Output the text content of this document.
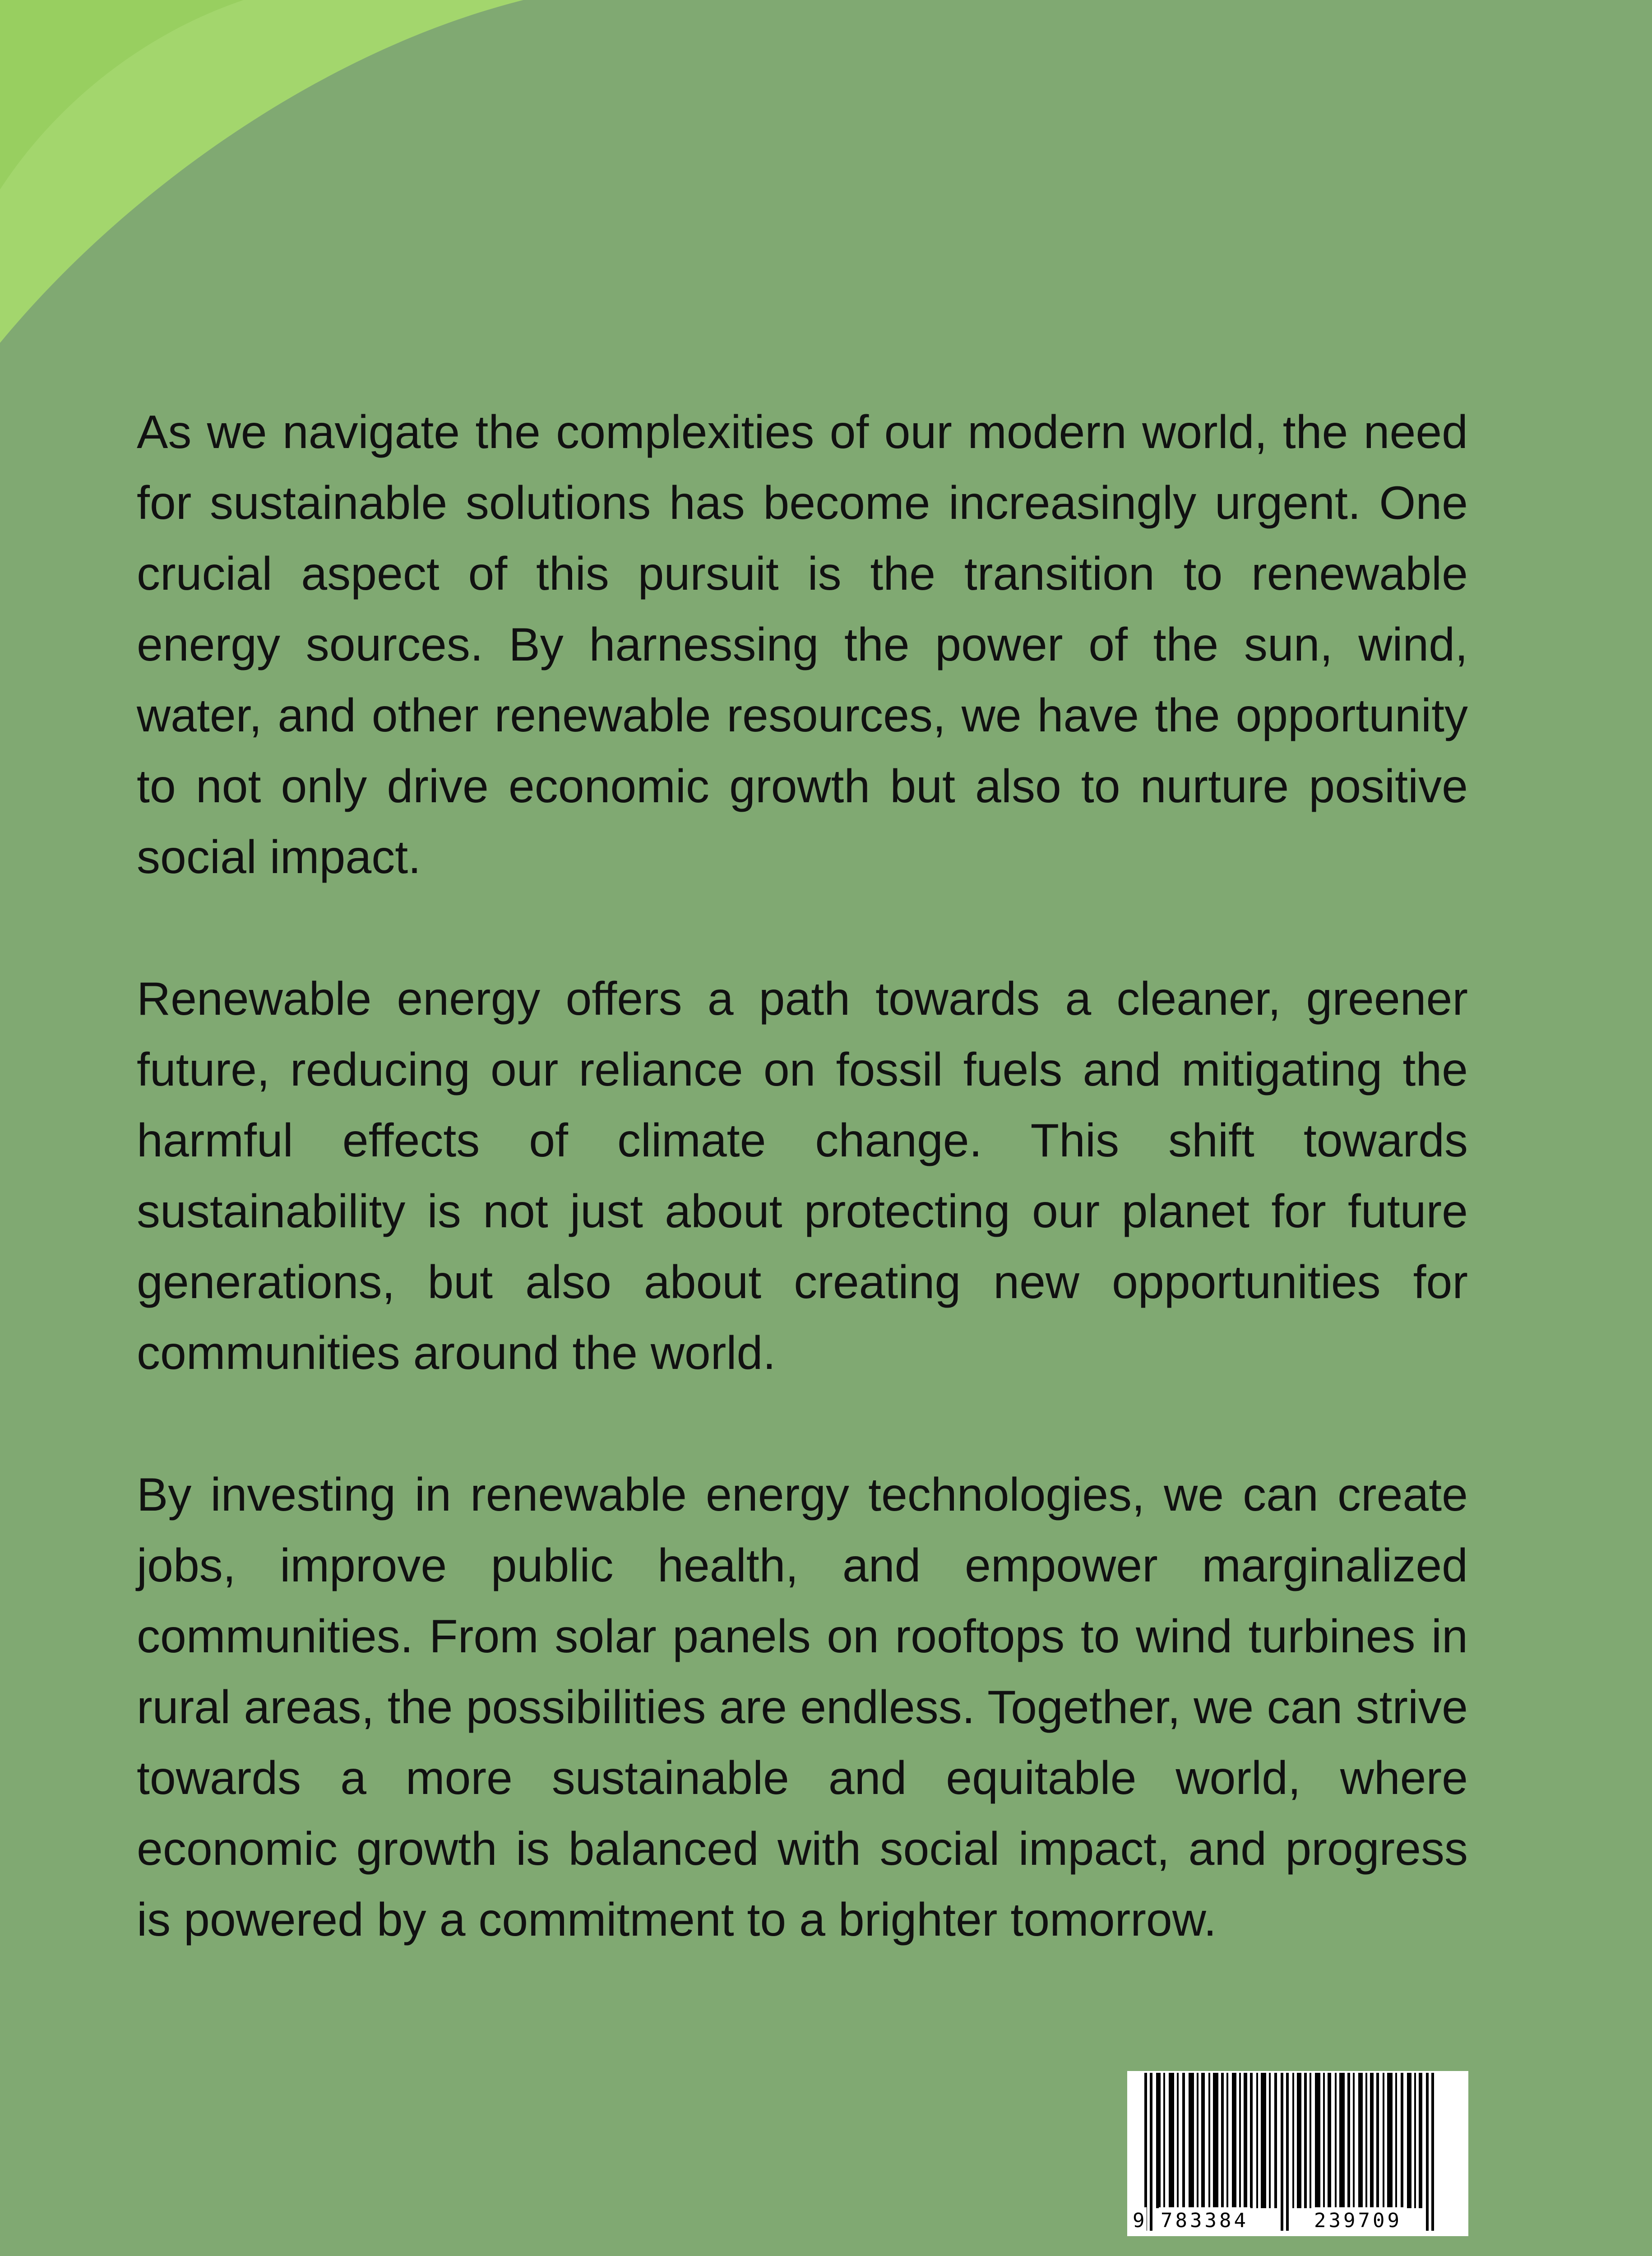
As we navigate the complexities of our modern world, the need for sustainable solutions has become increasingly urgent. One crucial aspect of this pursuit is the transition to renewable energy sources. By harnessing the power of the sun, wind, water, and other renewable resources, we have the opportunity to not only drive economic growth but also to nurture positive social impact.

Renewable energy offers a path towards a cleaner, greener future, reducing our reliance on fossil fuels and mitigating the harmful effects of climate change. This shift towards sustainability is not just about protecting our planet for future generations, but also about creating new opportunities for communities around the world.

By investing in renewable energy technologies, we can create jobs, improve public health, and empower marginalized communities. From solar panels on rooftops to wind turbines in rural areas, the possibilities are endless. Together, we can strive towards a more sustainable and equitable world, where economic growth is balanced with social impact, and progress is powered by a commitment to a brighter tomorrow.

9 783384	239709
